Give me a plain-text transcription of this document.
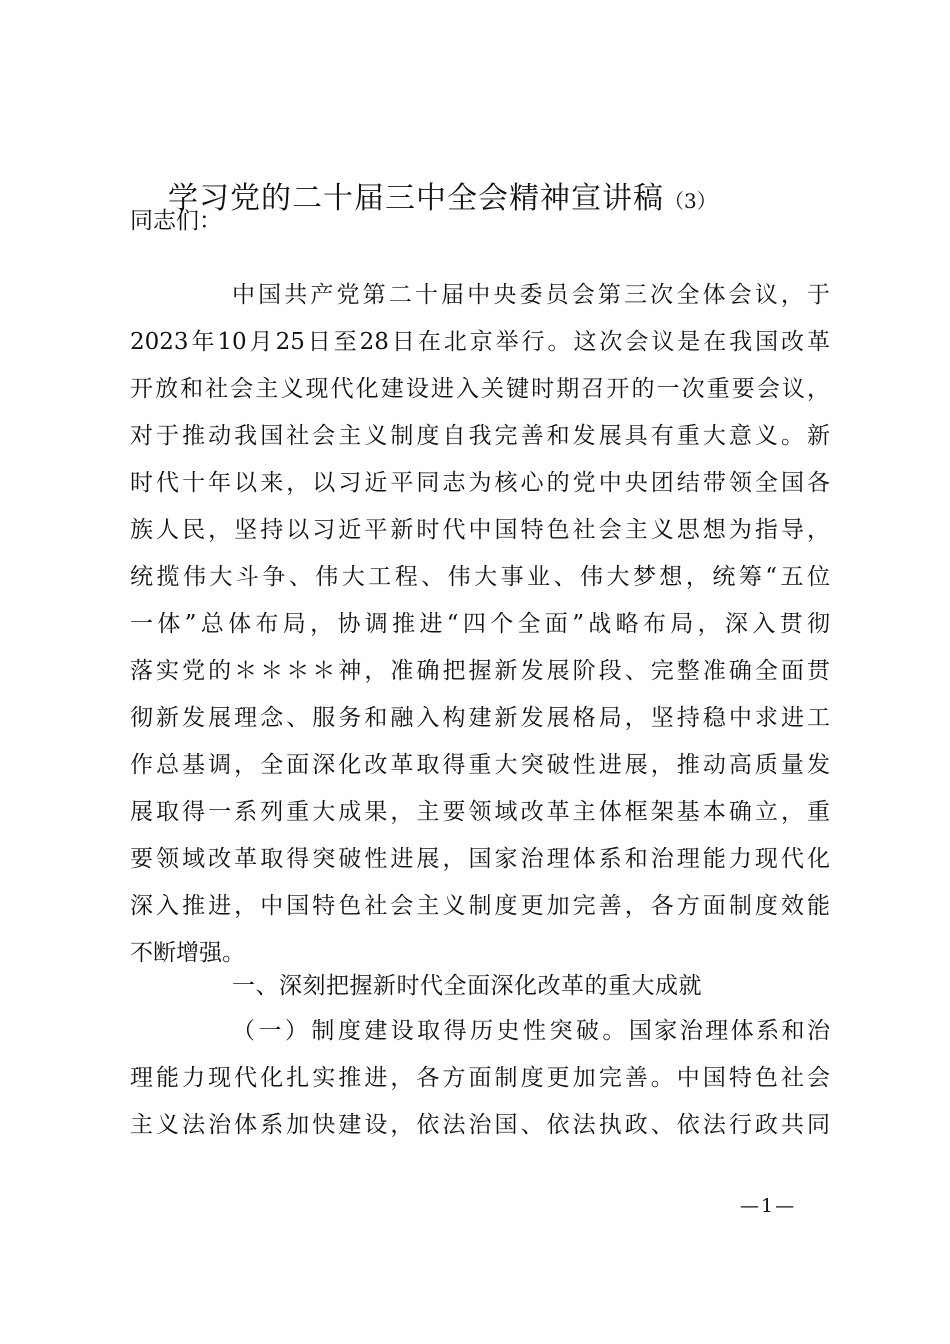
学习党的二十届三中全会精神宣讲稿（3）
同志们：
中国共产党第二十届中央委员会第三次全体会议，于
2023年10月25日至28日在北京举行。这次会议是在我国改革
开放和社会主义现代化建设进入关键时期召开的一次重要会议，
对于推动我国社会主义制度自我完善和发展具有重大意义。新
时代十年以来，以习近平同志为核心的党中央团结带领全国各
族人民，坚持以习近平新时代中国特色社会主义思想为指导，
统揽伟大斗争、伟大工程、伟大事业、伟大梦想，统筹“五位
一体”总体布局，协调推进“四个全面”战略布局，深入贯彻
落实党的＊＊＊＊神，准确把握新发展阶段、完整准确全面贯
彻新发展理念、服务和融入构建新发展格局，坚持稳中求进工
作总基调，全面深化改革取得重大突破性进展，推动高质量发
展取得一系列重大成果，主要领域改革主体框架基本确立，重
要领域改革取得突破性进展，国家治理体系和治理能力现代化
深入推进，中国特色社会主义制度更加完善，各方面制度效能
不断增强。
一、深刻把握新时代全面深化改革的重大成就
（一）制度建设取得历史性突破。国家治理体系和治
理能力现代化扎实推进，各方面制度更加完善。中国特色社会
主义法治体系加快建设，依法治国、依法执政、依法行政共同
—1—
